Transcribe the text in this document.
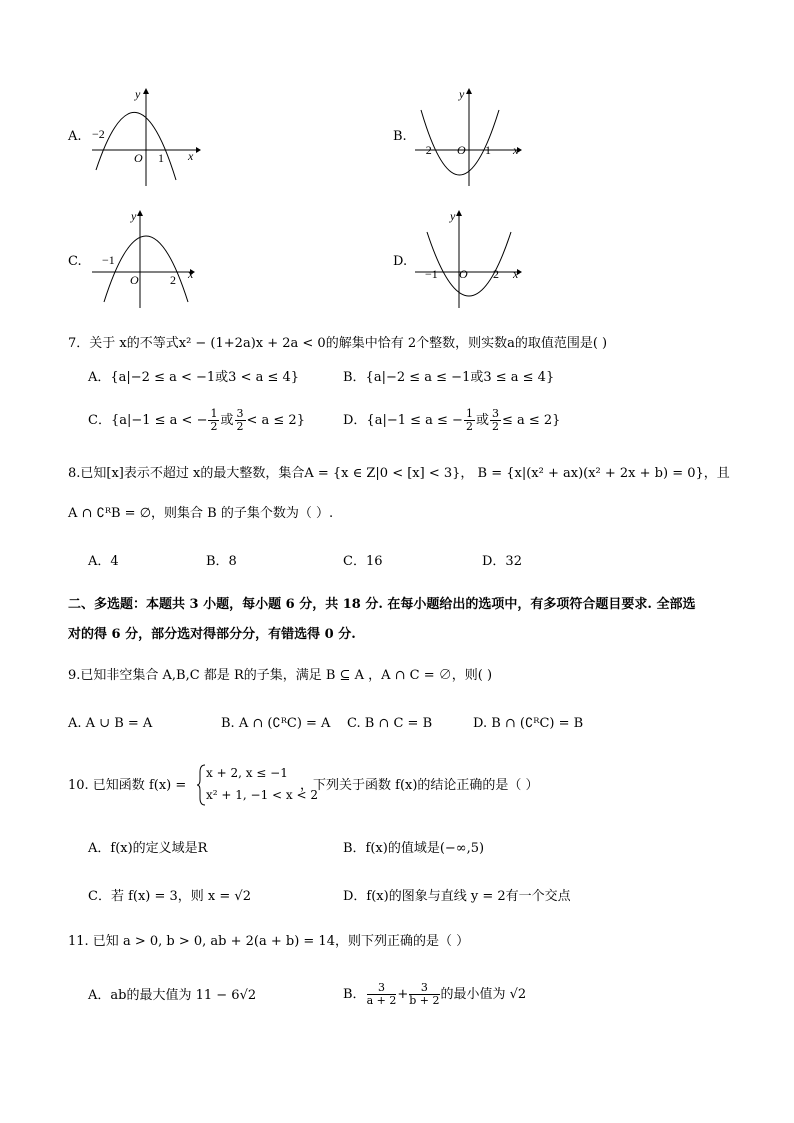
A. −2
O 1 x
y
B.
−2 O 1 x
y
C. −1
O	2 x
y
D.
−1 O 2 x
y
7．关于 x的不等式x² − (1+2a)x + 2a < 0的解集中恰有 2个整数，则实数a的取值范围是( )
A．{a|−2 ≤ a < −1或3 < a ≤ 4}	B．{a|−2 ≤ a ≤ −1或3 ≤ a ≤ 4}
C．{a|−1 ≤ a < − $\frac{1}{2}$ 或 $\frac{3}{2} < a \le 2$}	D．{a|−1 ≤ a ≤ − $\frac{1}{2}$ 或 $\frac{3}{2} \le a \le 2$}
8.已知[x]表示不超过 x的最大整数，集合A = {x ∈ Z|0 < [x] < 3}， B = {x|(x² + ax)(x² + 2x + b) = 0}，且
A ∩ ∁ᴿB = ∅，则集合 B 的子集个数为（ ）.
A．4	B．8	C．16	D．32
二、多选题：本题共 3 小题，每小题 6 分，共 18 分. 在每小题给出的选项中，有多项符合题目要求. 全部选
对的得 6 分，部分选对得部分分，有错选得 0 分.
9.已知非空集合 A,B,C 都是 R的子集，满足 B ⊆ A ，A ∩ C = ∅，则( )
A. A ∪ B = A	B. A ∩ (∁ᴿC) = A C. B ∩ C = B	D. B ∩ (∁ᴿC) = B
10. 已知函数 f(x) =
x + 2, x ≤ −1
x² + 1, −1 < x < 2
，下列关于函数 f(x)的结论正确的是（ ）
A．f(x)的定义域是R	B．f(x)的值域是(−∞,5)
C．若 f(x) = 3，则 x = √2	D．f(x)的图象与直线 y = 2有一个交点
11. 已知 a > 0, b > 0, ab + 2(a + b) = 14，则下列正确的是（ ）
A．ab的最大值为 11 − 6√2	B． $\frac{3}{a + 2} + \frac{3}{b + 2}$ 的最小值为 √2
